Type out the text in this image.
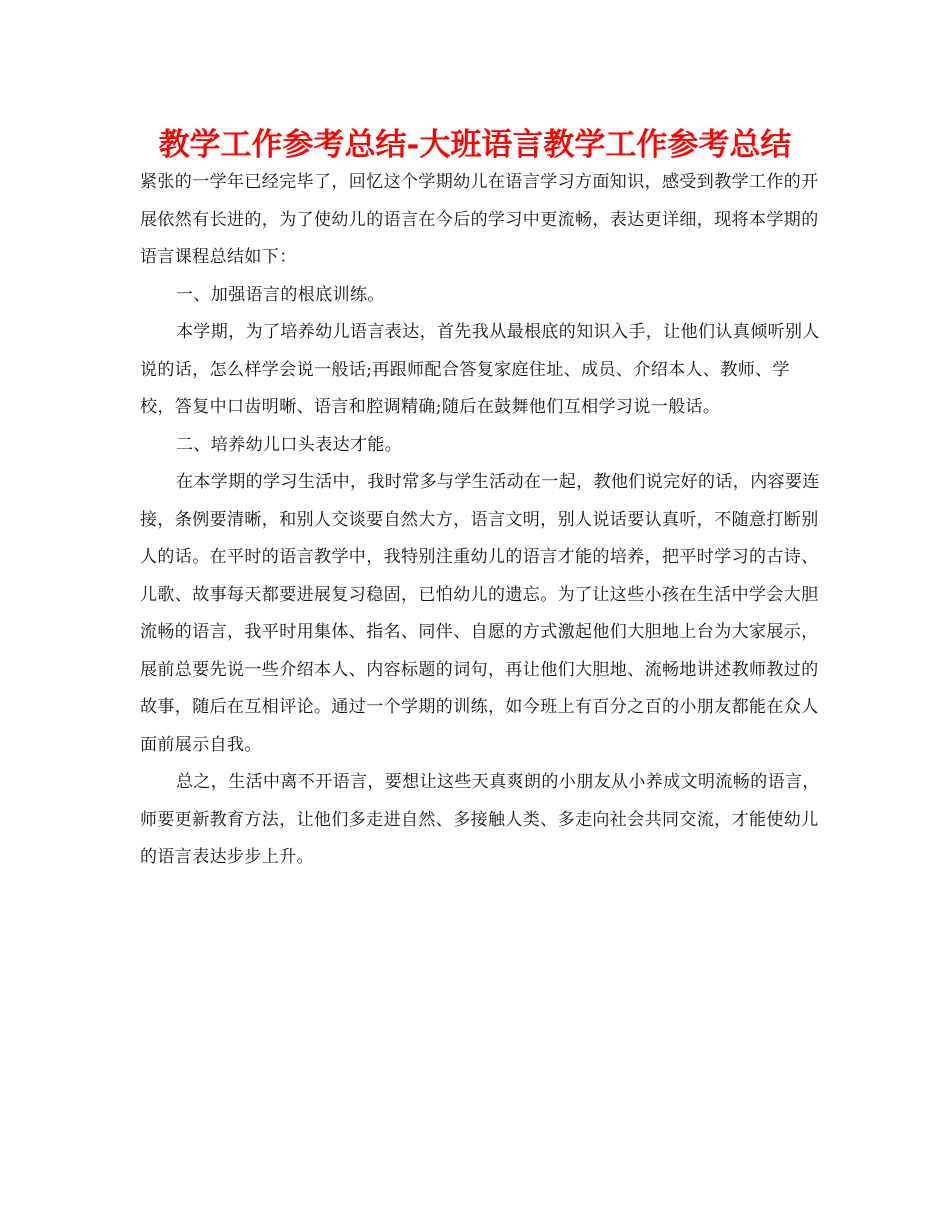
教学工作参考总结-大班语言教学工作参考总结

紧张的一学年已经完毕了，回忆这个学期幼儿在语言学习方面知识，感受到教学工作的开展依然有长进的，为了使幼儿的语言在今后的学习中更流畅，表达更详细，现将本学期的语言课程总结如下：

一、加强语言的根底训练。

本学期，为了培养幼儿语言表达，首先我从最根底的知识入手，让他们认真倾听别人说的话，怎么样学会说一般话;再跟师配合答复家庭住址、成员、介绍本人、教师、学校，答复中口齿明晰、语言和腔调精确;随后在鼓舞他们互相学习说一般话。

二、培养幼儿口头表达才能。

在本学期的学习生活中，我时常多与学生活动在一起，教他们说完好的话，内容要连接，条例要清晰，和别人交谈要自然大方，语言文明，别人说话要认真听，不随意打断别人的话。在平时的语言教学中，我特别注重幼儿的语言才能的培养，把平时学习的古诗、儿歌、故事每天都要进展复习稳固，已怕幼儿的遗忘。为了让这些小孩在生活中学会大胆流畅的语言，我平时用集体、指名、同伴、自愿的方式激起他们大胆地上台为大家展示，展前总要先说一些介绍本人、内容标题的词句，再让他们大胆地、流畅地讲述教师教过的故事，随后在互相评论。通过一个学期的训练，如今班上有百分之百的小朋友都能在众人面前展示自我。

总之，生活中离不开语言，要想让这些天真爽朗的小朋友从小养成文明流畅的语言，师要更新教育方法，让他们多走进自然、多接触人类、多走向社会共同交流，才能使幼儿的语言表达步步上升。
